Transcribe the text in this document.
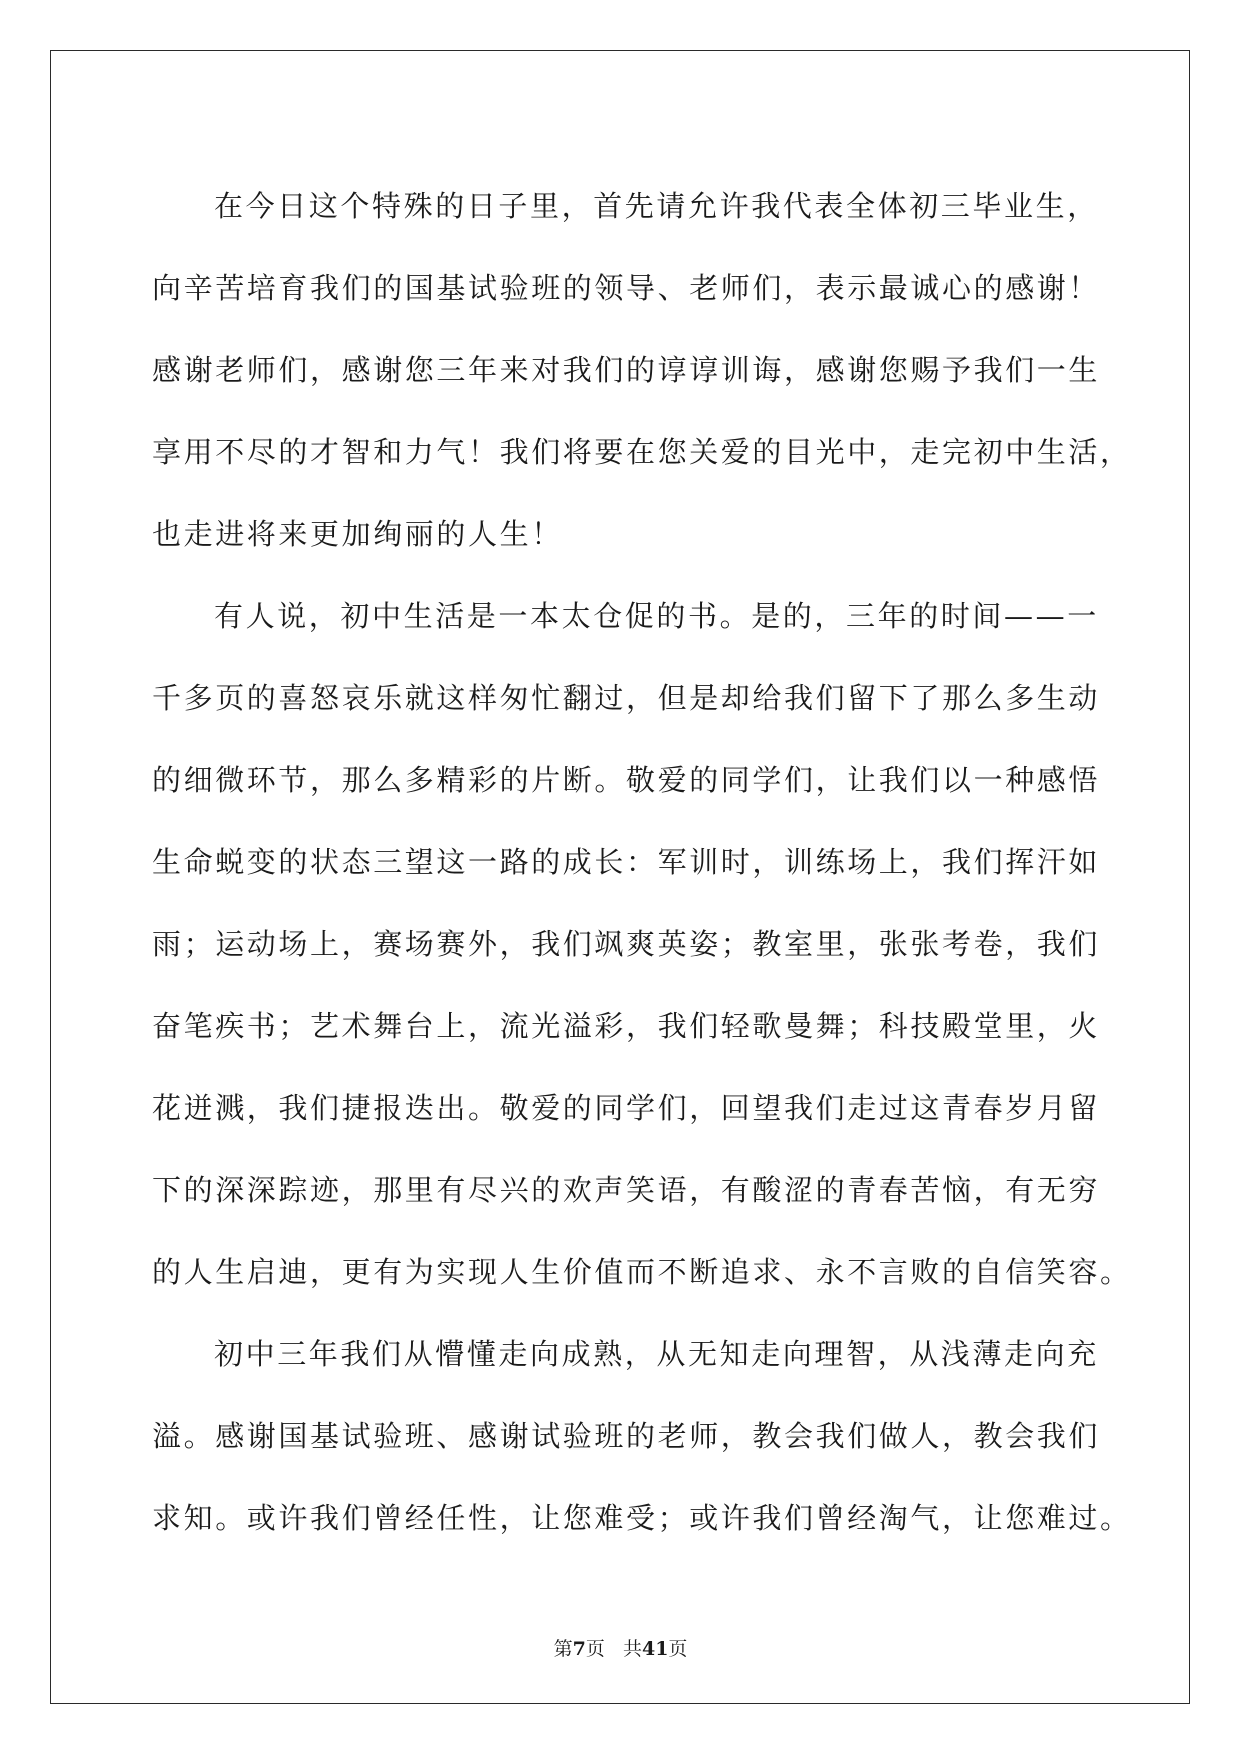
在今日这个特殊的日子里，首先请允许我代表全体初三毕业生，
向辛苦培育我们的国基试验班的领导、老师们，表示最诚心的感谢！
感谢老师们，感谢您三年来对我们的谆谆训诲，感谢您赐予我们一生
享用不尽的才智和力气！我们将要在您关爱的目光中，走完初中生活，
也走进将来更加绚丽的人生！
有人说，初中生活是一本太仓促的书。是的，三年的时间——一
千多页的喜怒哀乐就这样匆忙翻过，但是却给我们留下了那么多生动
的细微环节，那么多精彩的片断。敬爱的同学们，让我们以一种感悟
生命蜕变的状态三望这一路的成长：军训时，训练场上，我们挥汗如
雨；运动场上，赛场赛外，我们飒爽英姿；教室里，张张考卷，我们
奋笔疾书；艺术舞台上，流光溢彩，我们轻歌曼舞；科技殿堂里，火
花迸溅，我们捷报迭出。敬爱的同学们，回望我们走过这青春岁月留
下的深深踪迹，那里有尽兴的欢声笑语，有酸涩的青春苦恼，有无穷
的人生启迪，更有为实现人生价值而不断追求、永不言败的自信笑容。
初中三年我们从懵懂走向成熟，从无知走向理智，从浅薄走向充
溢。感谢国基试验班、感谢试验班的老师，教会我们做人，教会我们
求知。或许我们曾经任性，让您难受；或许我们曾经淘气，让您难过。
第7页 共41页
